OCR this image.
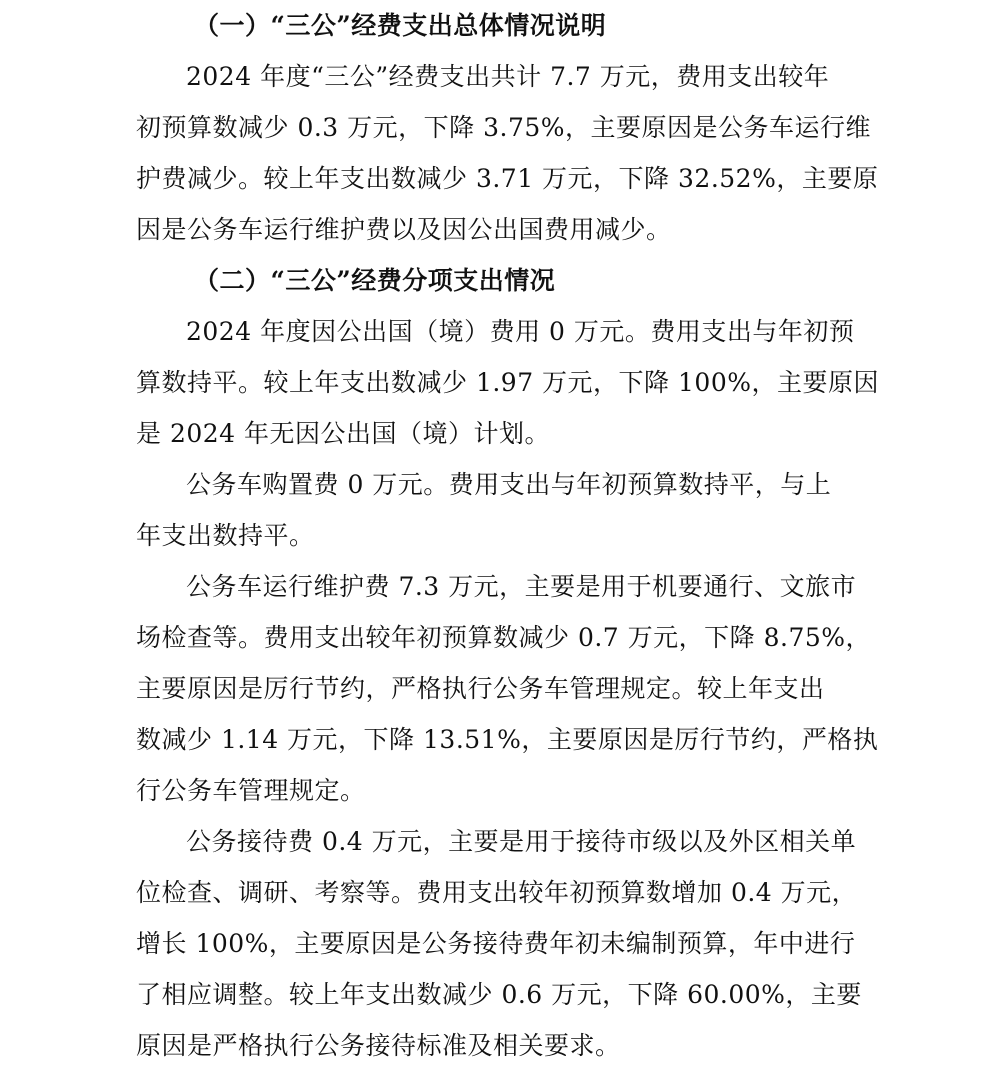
（一）“三公”经费支出总体情况说明
2024 年度“三公”经费支出共计 7.7 万元，费用支出较年
初预算数减少 0.3 万元，下降 3.75%，主要原因是公务车运行维
护费减少。较上年支出数减少 3.71 万元，下降 32.52%，主要原
因是公务车运行维护费以及因公出国费用减少。
（二）“三公”经费分项支出情况
2024 年度因公出国（境）费用 0 万元。费用支出与年初预
算数持平。较上年支出数减少 1.97 万元，下降 100%，主要原因
是 2024 年无因公出国（境）计划。
公务车购置费 0 万元。费用支出与年初预算数持平，与上
年支出数持平。
公务车运行维护费 7.3 万元，主要是用于机要通行、文旅市
场检查等。费用支出较年初预算数减少 0.7 万元，下降 8.75%，
主要原因是厉行节约，严格执行公务车管理规定。较上年支出
数减少 1.14 万元，下降 13.51%，主要原因是厉行节约，严格执
行公务车管理规定。
公务接待费 0.4 万元，主要是用于接待市级以及外区相关单
位检查、调研、考察等。费用支出较年初预算数增加 0.4 万元，
增长 100%，主要原因是公务接待费年初未编制预算，年中进行
了相应调整。较上年支出数减少 0.6 万元，下降 60.00%，主要
原因是严格执行公务接待标准及相关要求。
